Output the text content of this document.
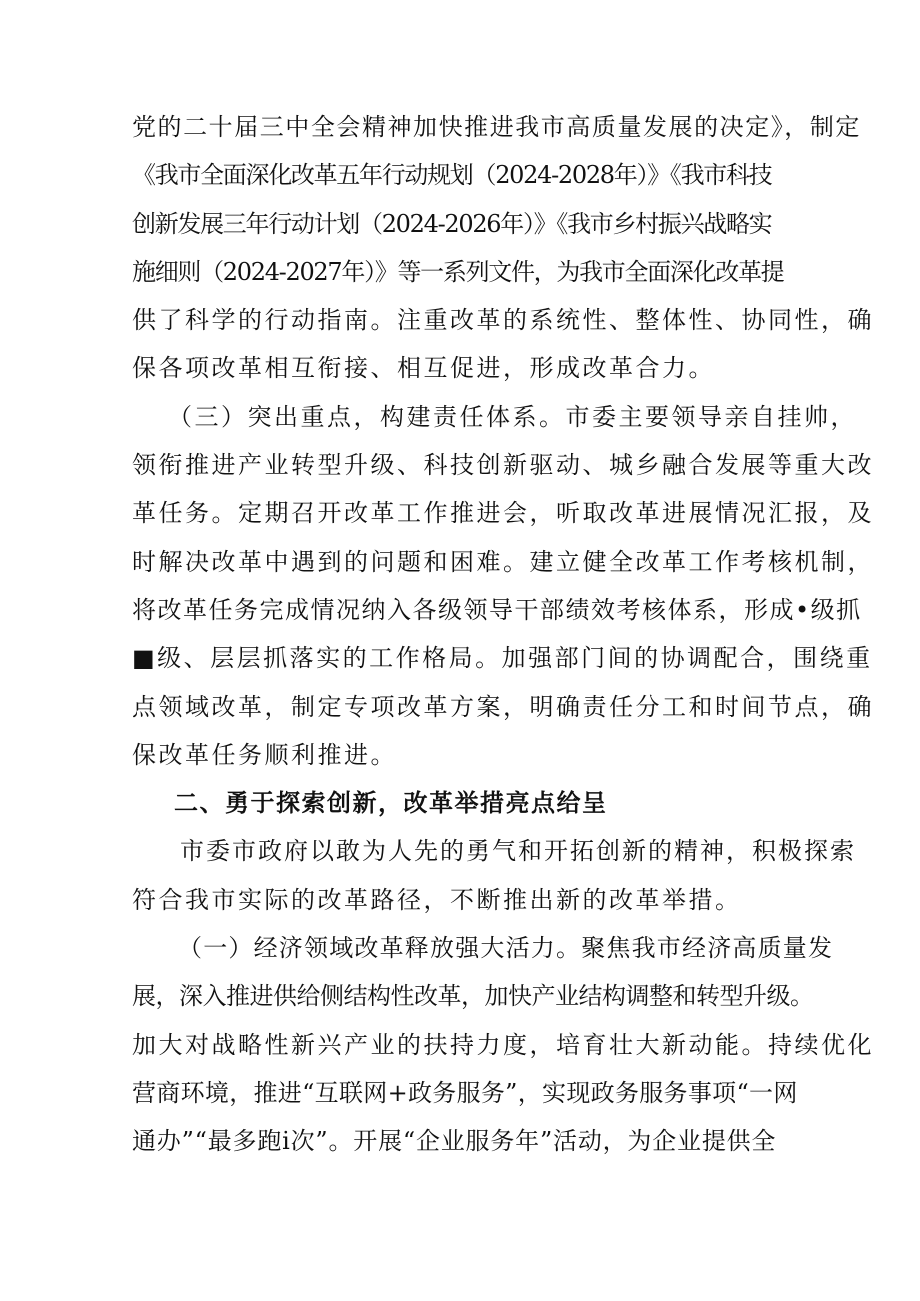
党的二十届三中全会精神加快推进我市高质量发展的决定》，制定
《我市全面深化改革五年行动规划（2024-2028年）》《我市科技
创新发展三年行动计划（2024-2026年）》《我市乡村振兴战略实
施细则（2024-2027年）》等一系列文件，为我市全面深化改革提
供了科学的行动指南。注重改革的系统性、整体性、协同性，确
保各项改革相互衔接、相互促进，形成改革合力。
（三）突出重点，构建责任体系。市委主要领导亲自挂帅，
领衔推进产业转型升级、科技创新驱动、城乡融合发展等重大改
革任务。定期召开改革工作推进会，听取改革进展情况汇报，及
时解决改革中遇到的问题和困难。建立健全改革工作考核机制，
将改革任务完成情况纳入各级领导干部绩效考核体系，形成•级抓
■级、层层抓落实的工作格局。加强部门间的协调配合，围绕重
点领域改革，制定专项改革方案，明确责任分工和时间节点，确
保改革任务顺利推进。
二、勇于探索创新，改革举措亮点给呈
市委市政府以敢为人先的勇气和开拓创新的精神，积极探索
符合我市实际的改革路径，不断推出新的改革举措。
（一）经济领域改革释放强大活力。聚焦我市经济高质量发
展，深入推进供给侧结构性改革，加快产业结构调整和转型升级。
加大对战略性新兴产业的扶持力度，培育壮大新动能。持续优化
营商环境，推进“互联网+政务服务”，实现政务服务事项“一网
通办”“最多跑i次”。开展“企业服务年”活动，为企业提供全
